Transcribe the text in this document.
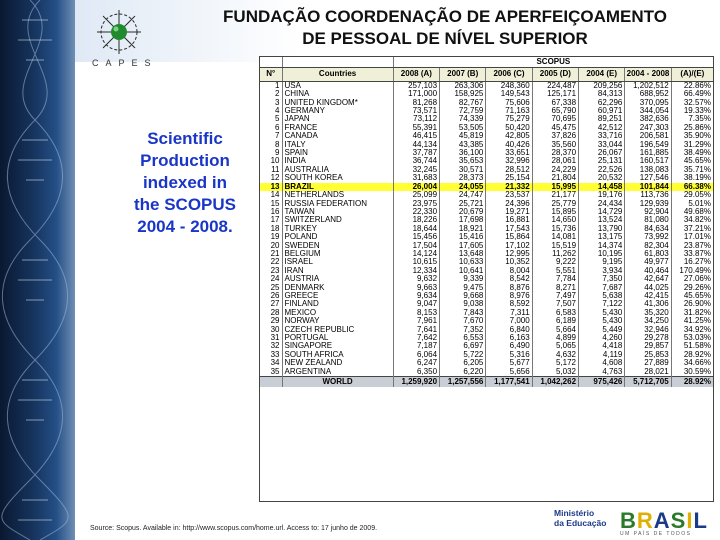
CAPES
FUNDAÇÃO COORDENAÇÃO DE APERFEIÇOAMENTO
DE PESSOAL DE NÍVEL SUPERIOR
Scientific
Production
indexed in
the SCOPUS
2004 - 2008.
		SCOPUS						
N°	Countries	2008 (A)	2007 (B)	2006 (C)	2005 (D)	2004 (E)	2004 - 2008	(A)/(E)
1	USA	257,103	263,306	248,360	224,487	209,256	1,202,512	22.86%
2	CHINA	171,000	158,925	149,543	125,171	84,313	688,952	66.49%
3	UNITED KINGDOM*	81,268	82,767	75,606	67,338	62,296	370,095	32.57%
4	GERMANY	73,571	72,759	71,163	65,790	60,971	344,054	19.33%
5	JAPAN	73,112	74,339	75,279	70,695	89,251	382,636	7.35%
6	FRANCE	55,391	53,505	50,420	45,475	42,512	247,303	25.86%
7	CANADA	46,415	45,819	42,805	37,826	33,716	206,581	35.90%
8	ITALY	44,134	43,385	40,426	35,560	33,044	196,549	31.29%
9	SPAIN	37,787	36,100	33,651	28,370	26,067	161,885	38.49%
10	INDIA	36,744	35,653	32,996	28,061	25,131	160,517	45.65%
11	AUSTRALIA	32,245	30,571	28,512	24,229	22,526	138,083	35.71%
12	SOUTH KOREA	31,683	28,373	25,154	21,804	20,532	127,546	38.19%
13	BRAZIL	26,004	24,055	21,332	15,995	14,458	101,844	66.38%
14	NETHERLANDS	25,099	24,747	23,537	21,177	19,176	113,736	29.05%
15	RUSSIA FEDERATION	23,975	25,721	24,396	25,779	24,434	129,939	5.01%
16	TAIWAN	22,330	20,679	19,271	15,895	14,729	92,904	49.68%
17	SWITZERLAND	18,226	17,698	16,881	14,650	13,524	81,080	34.82%
18	TURKEY	18,644	18,921	17,543	15,736	13,790	84,634	37.21%
19	POLAND	15,456	15,416	15,864	14,081	13,175	73,992	17.01%
20	SWEDEN	17,504	17,605	17,102	15,519	14,374	82,304	23.87%
21	BELGIUM	14,124	13,648	12,995	11,262	10,195	61,803	33.87%
22	ISRAEL	10,615	10,633	10,352	9,222	9,195	49,977	16.27%
23	IRAN	12,334	10,641	8,004	5,551	3,934	40,464	170.49%
24	AUSTRIA	9,632	9,339	8,542	7,784	7,350	42,647	27.06%
25	DENMARK	9,663	9,475	8,876	8,271	7,687	44,025	29.26%
26	GREECE	9,634	9,668	8,976	7,497	5,638	42,415	45.65%
27	FINLAND	9,047	9,038	8,592	7,507	7,122	41,306	26.90%
28	MEXICO	8,153	7,843	7,311	6,583	5,430	35,320	31.82%
29	NORWAY	7,961	7,670	7,000	6,189	5,430	34,250	41.25%
30	CZECH REPUBLIC	7,641	7,352	6,840	5,664	5,449	32,946	34.92%
31	PORTUGAL	7,642	6,553	6,163	4,899	4,260	29,278	53.03%
32	SINGAPORE	7,187	6,697	6,490	5,065	4,418	29,857	51.58%
33	SOUTH AFRICA	6,064	5,722	5,316	4,632	4,119	25,853	28.92%
34	NEW ZEALAND	6,247	6,205	5,677	5,172	4,608	27,889	34.66%
35	ARGENTINA	6,350	6,220	5,656	5,032	4,763	28,021	30.59%
	WORLD	1,259,920	1,257,556	1,177,541	1,042,262	975,426	5,712,705	28.92%
Source: Scopus. Available in: http://www.scopus.com/home.url. Access to: 17 junho de 2009.
Ministério
da Educação BRASIL
UM PAÍS DE TODOS
